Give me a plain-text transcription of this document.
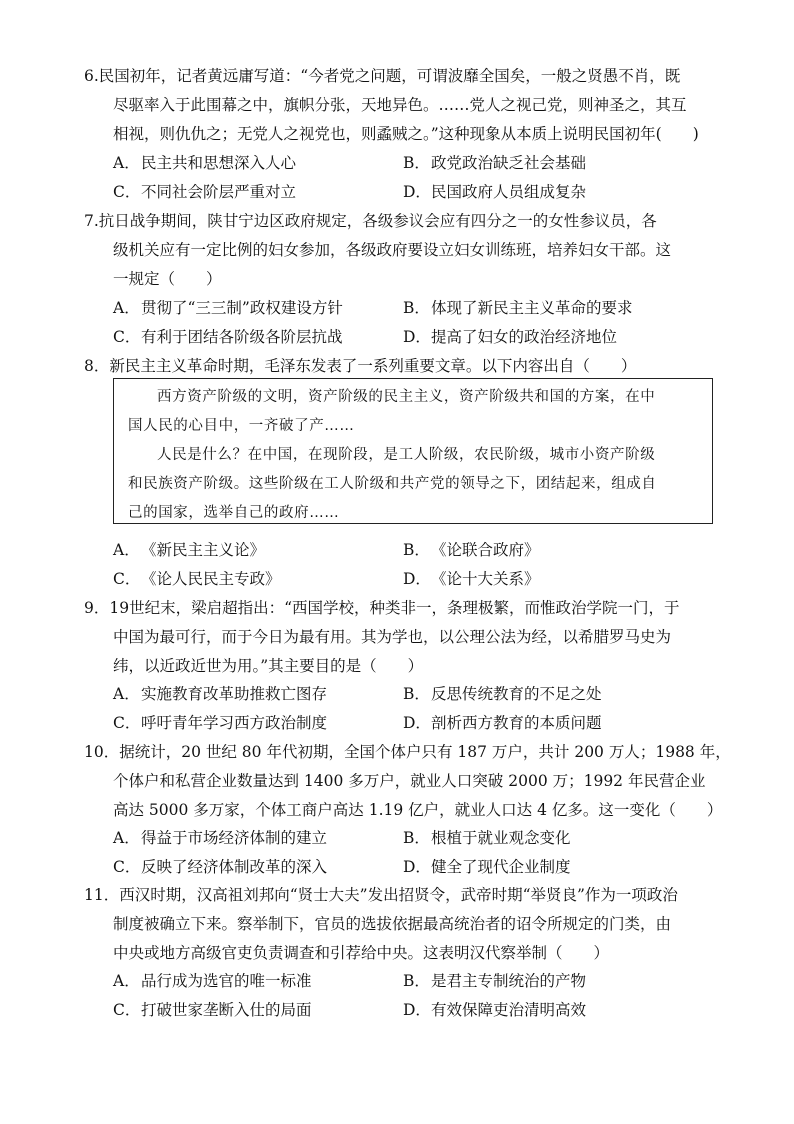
6.民国初年，记者黄远庸写道：“今者党之问题，可谓波靡全国矣，一般之贤愚不肖，既
尽驱率入于此围幕之中，旗帜分张，天地异色。……党人之视己党，则神圣之，其互
相视，则仇仇之；无党人之视党也，则蟊贼之。”这种现象从本质上说明民国初年(　　)
A．民主共和思想深入人心	B．政党政治缺乏社会基础
C．不同社会阶层严重对立	D．民国政府人员组成复杂
7.抗日战争期间，陕甘宁边区政府规定，各级参议会应有四分之一的女性参议员，各
级机关应有一定比例的妇女参加，各级政府要设立妇女训练班，培养妇女干部。这
一规定（　　）
A．贯彻了“三三制”政权建设方针	B．体现了新民主主义革命的要求
C．有利于团结各阶级各阶层抗战	D．提高了妇女的政治经济地位
8．新民主主义革命时期，毛泽东发表了一系列重要文章。以下内容出自（　　）
西方资产阶级的文明，资产阶级的民主主义，资产阶级共和国的方案，在中
国人民的心目中，一齐破了产……
人民是什么？在中国，在现阶段，是工人阶级，农民阶级，城市小资产阶级
和民族资产阶级。这些阶级在工人阶级和共产党的领导之下，团结起来，组成自
己的国家，选举自己的政府……
A．《新民主主义论》	B．《论联合政府》
C．《论人民民主专政》	D．《论十大关系》
9．19世纪末，梁启超指出：“西国学校，种类非一，条理极繁，而惟政治学院一门，于
中国为最可行，而于今日为最有用。其为学也，以公理公法为经，以希腊罗马史为
纬，以近政近世为用。”其主要目的是（　　）
A．实施教育改革助推救亡图存	B．反思传统教育的不足之处
C．呼吁青年学习西方政治制度	D．剖析西方教育的本质问题
10．据统计，20 世纪 80 年代初期，全国个体户只有 187 万户，共计 200 万人；1988 年，
个体户和私营企业数量达到 1400 多万户，就业人口突破 2000 万；1992 年民营企业
高达 5000 多万家，个体工商户高达 1.19 亿户，就业人口达 4 亿多。这一变化（　　）
A．得益于市场经济体制的建立	B．根植于就业观念变化
C．反映了经济体制改革的深入	D．健全了现代企业制度
11．西汉时期，汉高祖刘邦向“贤士大夫”发出招贤令，武帝时期“举贤良”作为一项政治
制度被确立下来。察举制下，官员的选拔依据最高统治者的诏令所规定的门类，由
中央或地方高级官吏负责调查和引荐给中央。这表明汉代察举制（　　）
A．品行成为选官的唯一标准	B．是君主专制统治的产物
C．打破世家垄断入仕的局面	D．有效保障吏治清明高效
